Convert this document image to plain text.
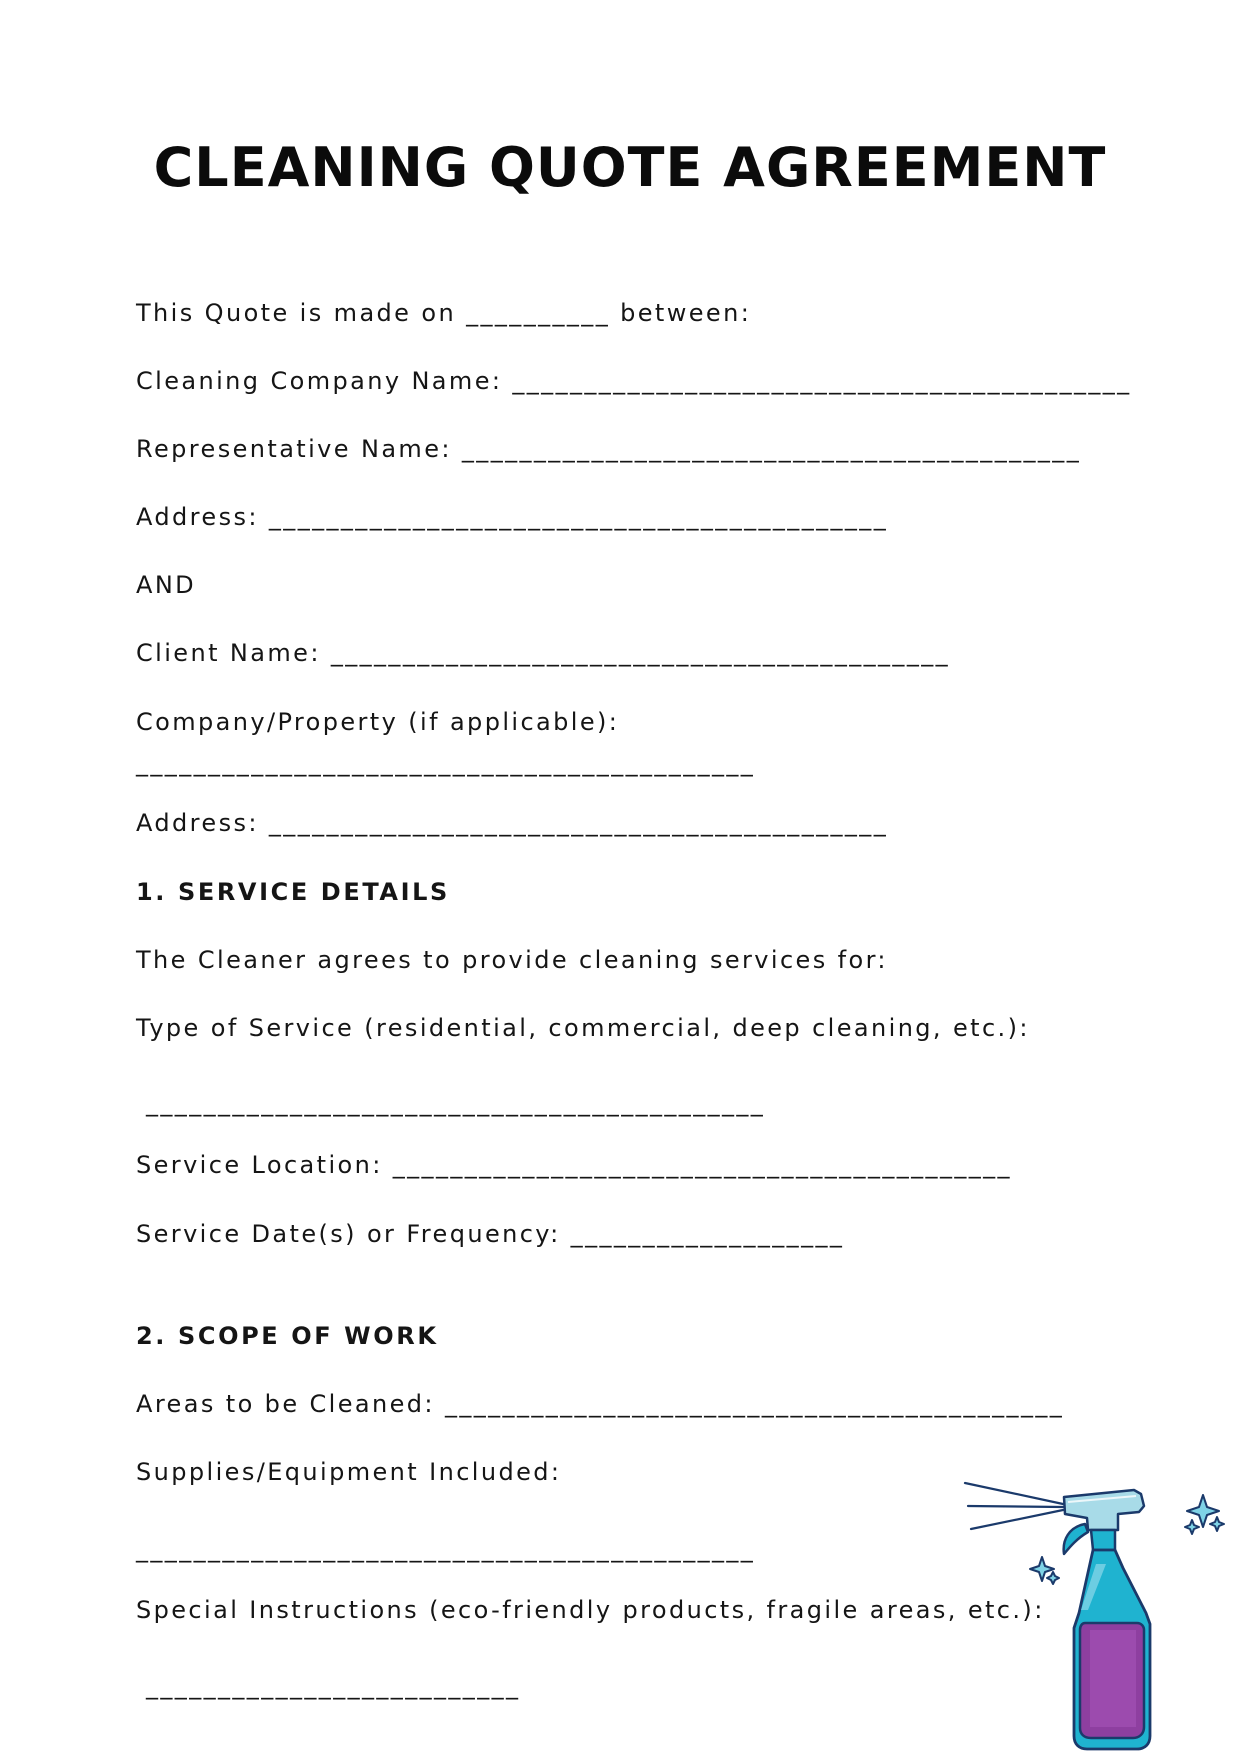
CLEANING QUOTE AGREEMENT
This Quote is made on __________ between:
Cleaning Company Name: ___________________________________________
Representative Name: ___________________________________________
Address: ___________________________________________
AND
Client Name: ___________________________________________
Company/Property (if applicable):
___________________________________________
Address: ___________________________________________
1. SERVICE DETAILS
The Cleaner agrees to provide cleaning services for:
Type of Service (residential, commercial, deep cleaning, etc.):
___________________________________________
Service Location: ___________________________________________
Service Date(s) or Frequency: ___________________
2. SCOPE OF WORK
Areas to be Cleaned: ___________________________________________
Supplies/Equipment Included:
___________________________________________
Special Instructions (eco-friendly products, fragile areas, etc.):
__________________________
